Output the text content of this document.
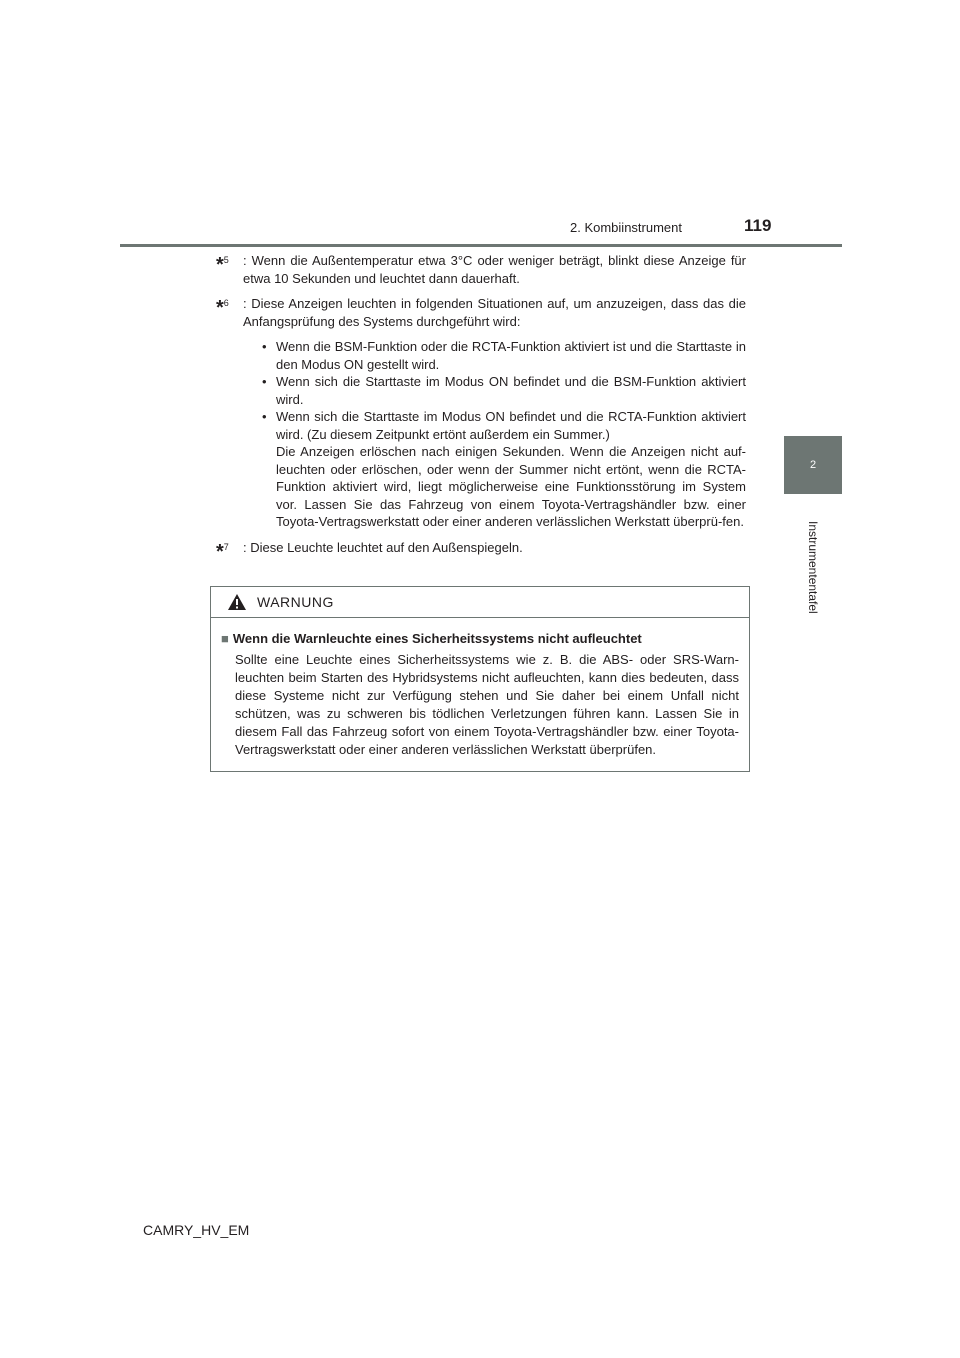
2. Kombiinstrument	119
2
Instrumententafel
*$^5$	: Wenn die Außentemperatur etwa 3°C oder weniger beträgt, blinkt diese Anzeige für etwa 10 Sekunden und leuchtet dann dauerhaft.
*$^6$	: Diese Anzeigen leuchten in folgenden Situationen auf, um anzuzeigen, dass das die Anfangsprüfung des Systems durchgeführt wird:
• Wenn die BSM-Funktion oder die RCTA-Funktion aktiviert ist und die Starttaste in den Modus ON gestellt wird.
• Wenn sich die Starttaste im Modus ON befindet und die BSM-Funktion aktiviert wird.
• Wenn sich die Starttaste im Modus ON befindet und die RCTA-Funktion aktiviert wird. (Zu diesem Zeitpunkt ertönt außerdem ein Summer.)
Die Anzeigen erlöschen nach einigen Sekunden. Wenn die Anzeigen nicht auf-leuchten oder erlöschen, oder wenn der Summer nicht ertönt, wenn die RCTA-Funktion aktiviert wird, liegt möglicherweise eine Funktionsstörung im System vor. Lassen Sie das Fahrzeug von einem Toyota-Vertragshändler bzw. einer Toyota-Vertragswerkstatt oder einer anderen verlässlichen Werkstatt überprü-fen.
*$^7$	: Diese Leuchte leuchtet auf den Außenspiegeln.
WARNUNG
■ Wenn die Warnleuchte eines Sicherheitssystems nicht aufleuchtet
Sollte eine Leuchte eines Sicherheitssystems wie z. B. die ABS- oder SRS-Warn-leuchten beim Starten des Hybridsystems nicht aufleuchten, kann dies bedeuten, dass diese Systeme nicht zur Verfügung stehen und Sie daher bei einem Unfall nicht schützen, was zu schweren bis tödlichen Verletzungen führen kann. Lassen Sie in diesem Fall das Fahrzeug sofort von einem Toyota-Vertragshändler bzw. einer Toyota-Vertragswerkstatt oder einer anderen verlässlichen Werkstatt überprüfen.
CAMRY_HV_EM
